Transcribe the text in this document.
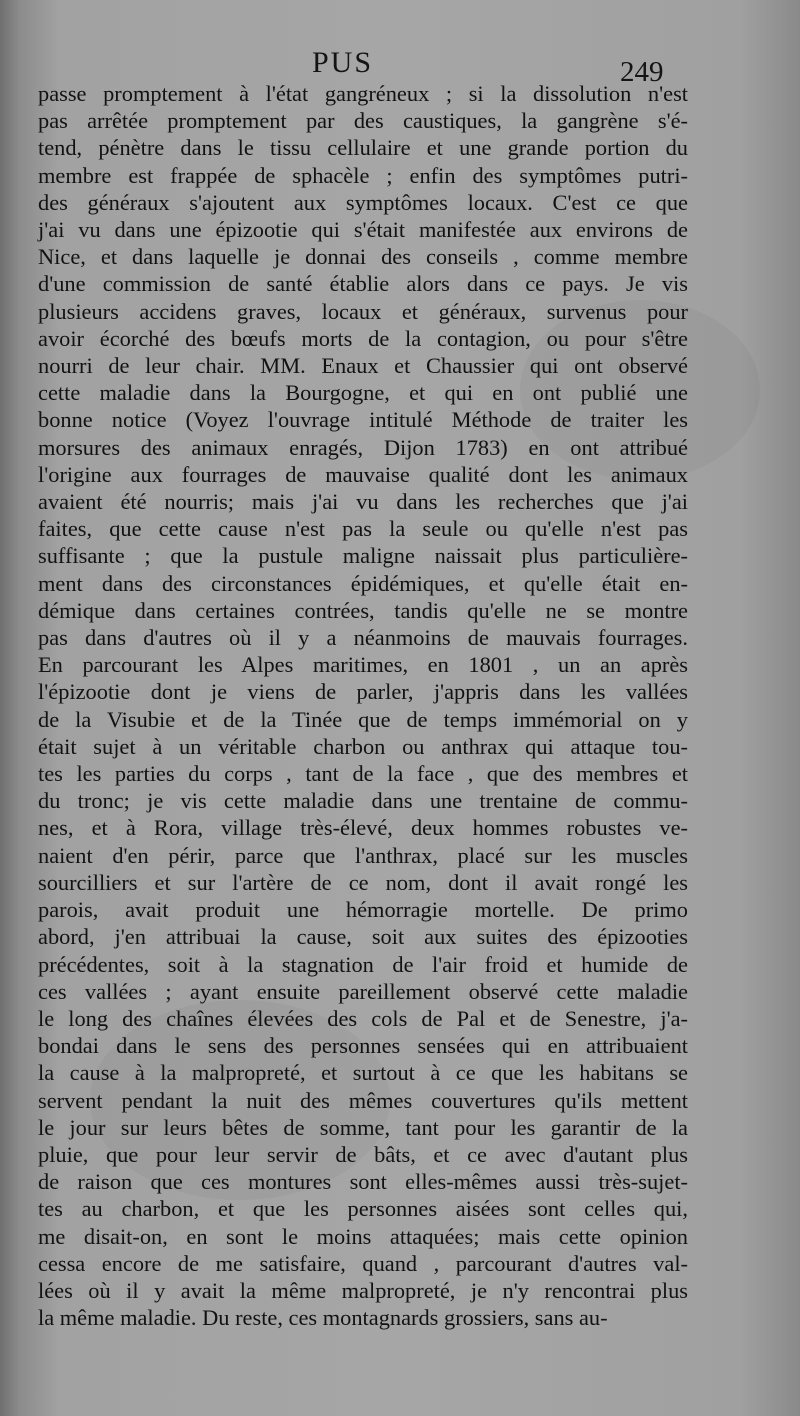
PUS	249
passe promptement à l'état gangréneux ; si la dissolution n'est
pas arrêtée promptement par des caustiques, la gangrène s'é-
tend, pénètre dans le tissu cellulaire et une grande portion du
membre est frappée de sphacèle ; enfin des symptômes putri-
des généraux s'ajoutent aux symptômes locaux. C'est ce que
j'ai vu dans une épizootie qui s'était manifestée aux environs de
Nice, et dans laquelle je donnai des conseils , comme membre
d'une commission de santé établie alors dans ce pays. Je vis
plusieurs accidens graves, locaux et généraux, survenus pour
avoir écorché des bœufs morts de la contagion, ou pour s'être
nourri de leur chair. MM. Enaux et Chaussier qui ont observé
cette maladie dans la Bourgogne, et qui en ont publié une
bonne notice (Voyez l'ouvrage intitulé Méthode de traiter les
morsures des animaux enragés, Dijon 1783) en ont attribué
l'origine aux fourrages de mauvaise qualité dont les animaux
avaient été nourris; mais j'ai vu dans les recherches que j'ai
faites, que cette cause n'est pas la seule ou qu'elle n'est pas
suffisante ; que la pustule maligne naissait plus particulière-
ment dans des circonstances épidémiques, et qu'elle était en-
démique dans certaines contrées, tandis qu'elle ne se montre
pas dans d'autres où il y a néanmoins de mauvais fourrages.
En parcourant les Alpes maritimes, en 1801 , un an après
l'épizootie dont je viens de parler, j'appris dans les vallées
de la Visubie et de la Tinée que de temps immémorial on y
était sujet à un véritable charbon ou anthrax qui attaque tou-
tes les parties du corps , tant de la face , que des membres et
du tronc; je vis cette maladie dans une trentaine de commu-
nes, et à Rora, village très-élevé, deux hommes robustes ve-
naient d'en périr, parce que l'anthrax, placé sur les muscles
sourcilliers et sur l'artère de ce nom, dont il avait rongé les
parois, avait produit une hémorragie mortelle. De primo
abord, j'en attribuai la cause, soit aux suites des épizooties
précédentes, soit à la stagnation de l'air froid et humide de
ces vallées ; ayant ensuite pareillement observé cette maladie
le long des chaînes élevées des cols de Pal et de Senestre, j'a-
bondai dans le sens des personnes sensées qui en attribuaient
la cause à la malpropreté, et surtout à ce que les habitans se
servent pendant la nuit des mêmes couvertures qu'ils mettent
le jour sur leurs bêtes de somme, tant pour les garantir de la
pluie, que pour leur servir de bâts, et ce avec d'autant plus
de raison que ces montures sont elles-mêmes aussi très-sujet-
tes au charbon, et que les personnes aisées sont celles qui,
me disait-on, en sont le moins attaquées; mais cette opinion
cessa encore de me satisfaire, quand , parcourant d'autres val-
lées où il y avait la même malpropreté, je n'y rencontrai plus
la même maladie. Du reste, ces montagnards grossiers, sans au-
